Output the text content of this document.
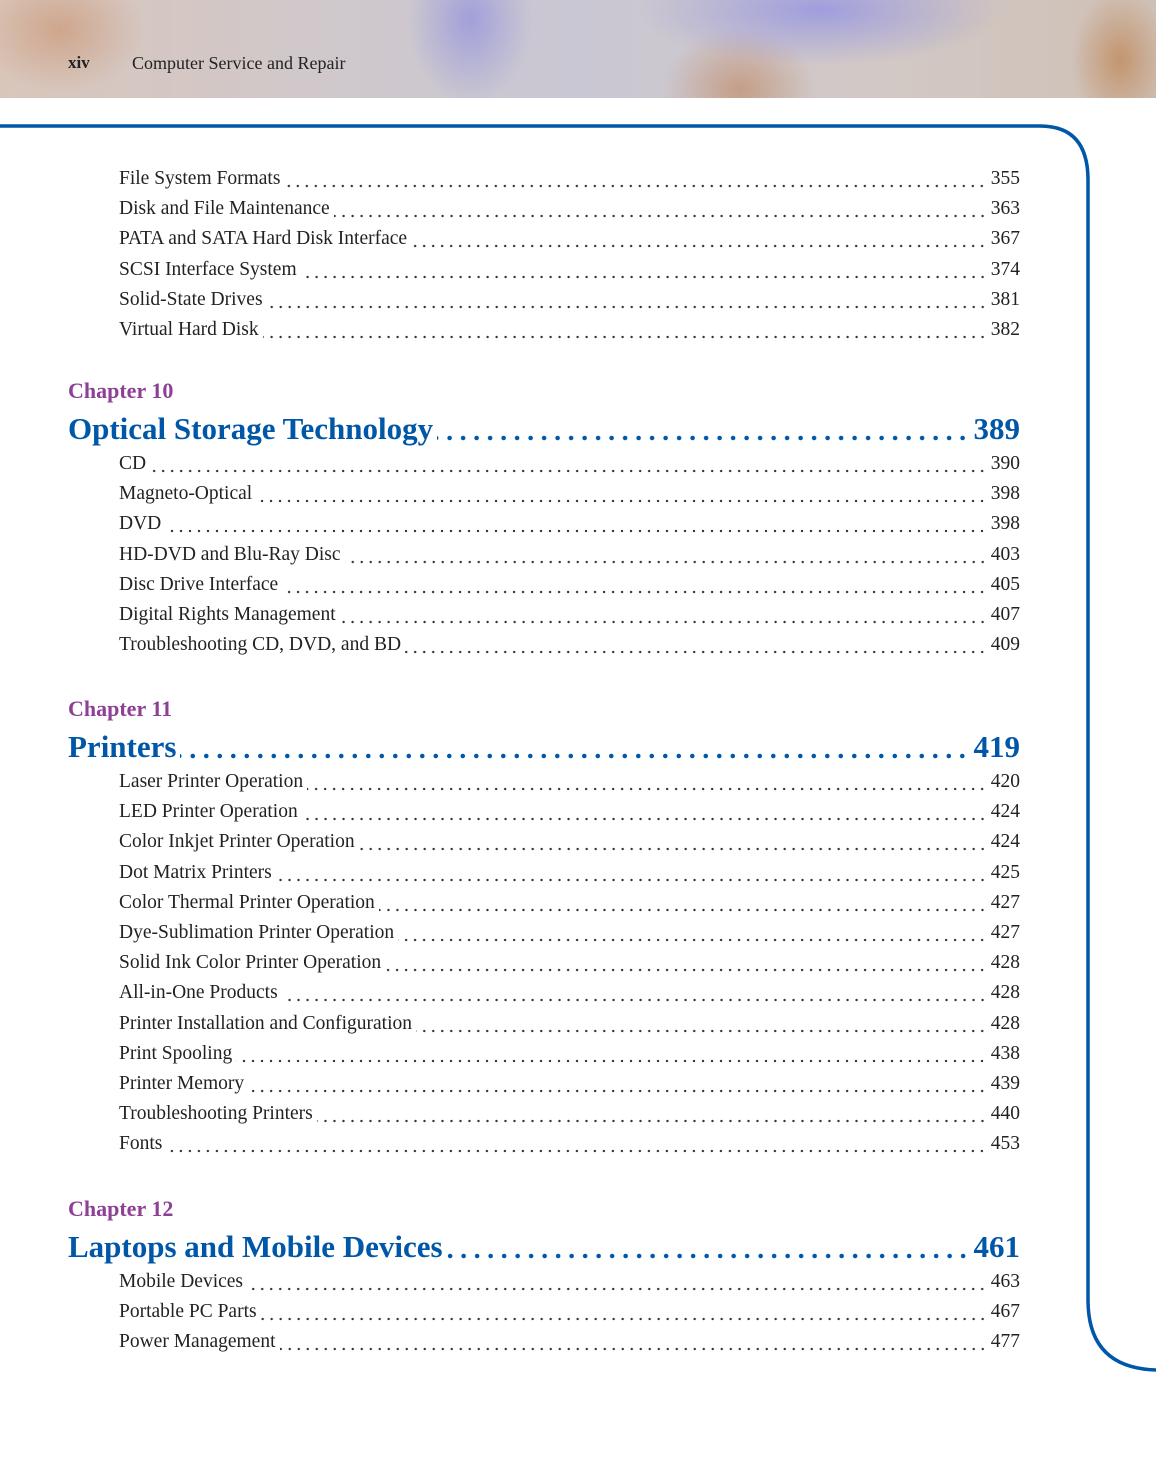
xiv Computer Service and Repair
File System Formats	355
Disk and File Maintenance	363
PATA and SATA Hard Disk Interface	367
SCSI Interface System	374
Solid-State Drives	381
Virtual Hard Disk	382
Chapter 10
Optical Storage Technology	389
CD	390
Magneto-Optical	398
DVD	398
HD-DVD and Blu-Ray Disc	403
Disc Drive Interface	405
Digital Rights Management	407
Troubleshooting CD, DVD, and BD	409
Chapter 11
Printers	419
Laser Printer Operation	420
LED Printer Operation	424
Color Inkjet Printer Operation	424
Dot Matrix Printers	425
Color Thermal Printer Operation	427
Dye-Sublimation Printer Operation	427
Solid Ink Color Printer Operation	428
All-in-One Products	428
Printer Installation and Configuration	428
Print Spooling	438
Printer Memory	439
Troubleshooting Printers	440
Fonts	453
Chapter 12
Laptops and Mobile Devices	461
Mobile Devices	463
Portable PC Parts	467
Power Management	477
